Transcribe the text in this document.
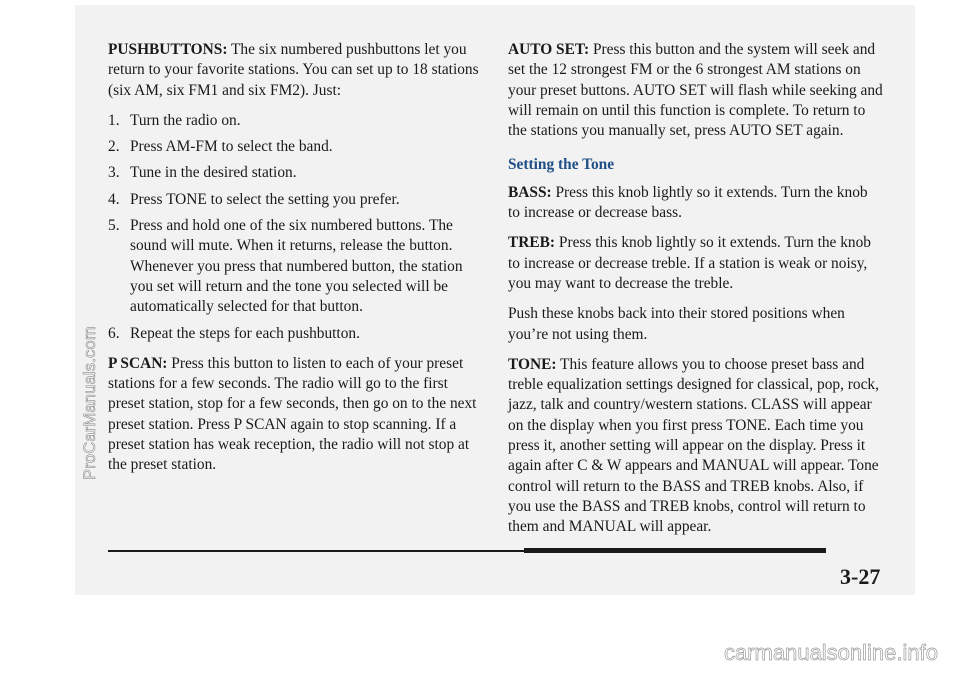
PUSHBUTTONS: The six numbered pushbuttons let you return to your favorite stations. You can set up to 18 stations (six AM, six FM1 and six FM2). Just:

1. Turn the radio on.
2. Press AM-FM to select the band.
3. Tune in the desired station.
4. Press TONE to select the setting you prefer.
5. Press and hold one of the six numbered buttons. The sound will mute. When it returns, release the button. Whenever you press that numbered button, the station you set will return and the tone you selected will be automatically selected for that button.
6. Repeat the steps for each pushbutton.

P SCAN: Press this button to listen to each of your preset stations for a few seconds. The radio will go to the first preset station, stop for a few seconds, then go on to the next preset station. Press P SCAN again to stop scanning. If a preset station has weak reception, the radio will not stop at the preset station.

AUTO SET: Press this button and the system will seek and set the 12 strongest FM or the 6 strongest AM stations on your preset buttons. AUTO SET will flash while seeking and will remain on until this function is complete. To return to the stations you manually set, press AUTO SET again.

Setting the Tone

BASS: Press this knob lightly so it extends. Turn the knob to increase or decrease bass.

TREB: Press this knob lightly so it extends. Turn the knob to increase or decrease treble. If a station is weak or noisy, you may want to decrease the treble.

Push these knobs back into their stored positions when you’re not using them.

TONE: This feature allows you to choose preset bass and treble equalization settings designed for classical, pop, rock, jazz, talk and country/western stations. CLASS will appear on the display when you first press TONE. Each time you press it, another setting will appear on the display. Press it again after C & W appears and MANUAL will appear. Tone control will return to the BASS and TREB knobs. Also, if you use the BASS and TREB knobs, control will return to them and MANUAL will appear.

3-27
ProCarManuals.com
carmanualsonline.info
